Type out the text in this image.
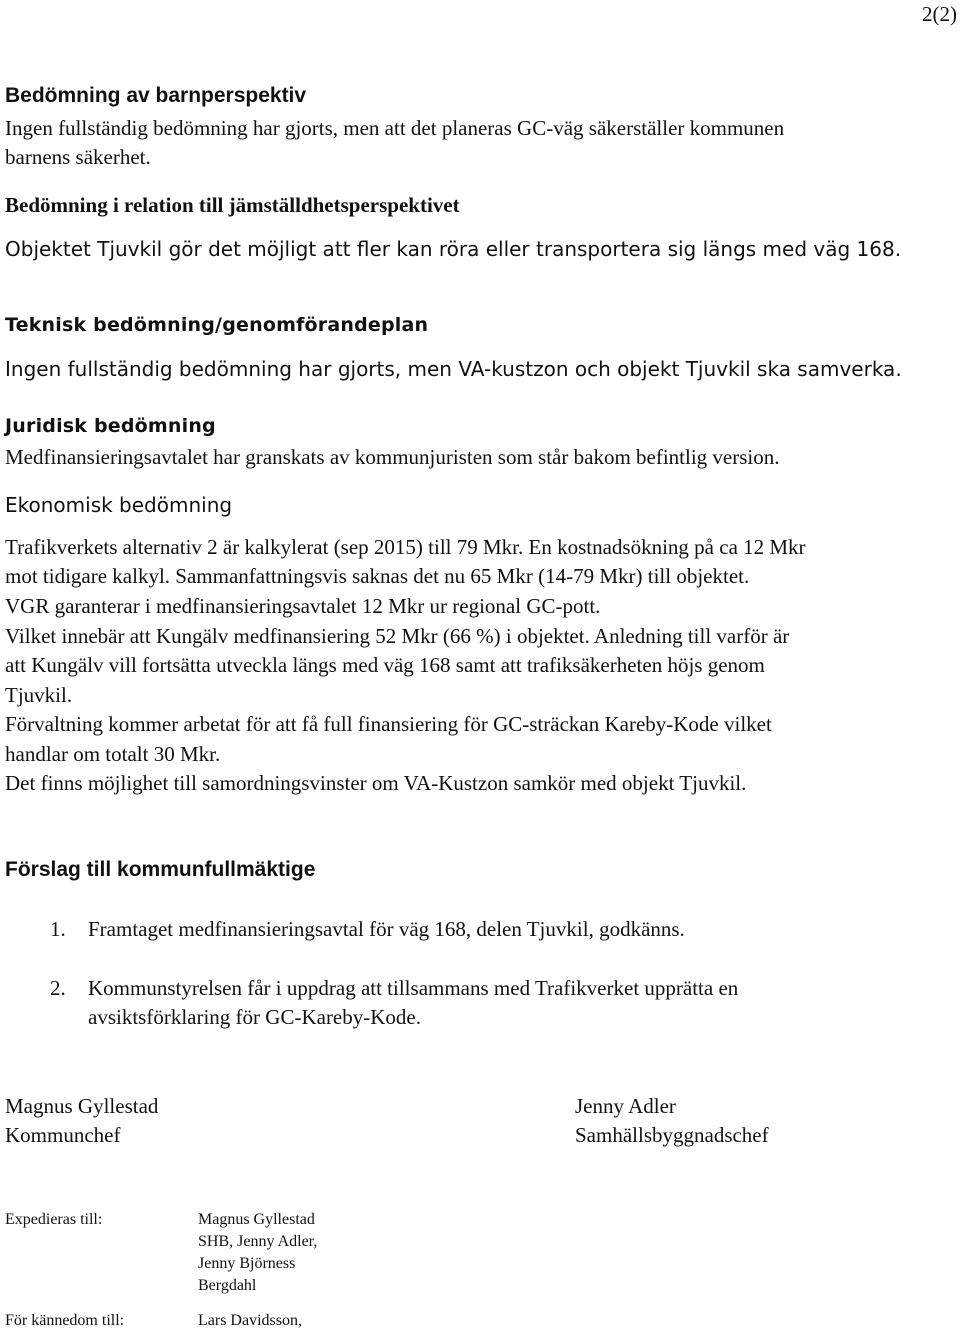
2(2)
Bedömning av barnperspektiv
Ingen fullständig bedömning har gjorts, men att det planeras GC-väg säkerställer kommunen
barnens säkerhet.
Bedömning i relation till jämställdhetsperspektivet
Objektet Tjuvkil gör det möjligt att fler kan röra eller transportera sig längs med väg 168.
Teknisk bedömning/genomförandeplan
Ingen fullständig bedömning har gjorts, men VA-kustzon och objekt Tjuvkil ska samverka.
Juridisk bedömning
Medfinansieringsavtalet har granskats av kommunjuristen som står bakom befintlig version.
Ekonomisk bedömning
Trafikverkets alternativ 2 är kalkylerat (sep 2015) till 79 Mkr. En kostnadsökning på ca 12 Mkr
mot tidigare kalkyl. Sammanfattningsvis saknas det nu 65 Mkr (14-79 Mkr) till objektet.
VGR garanterar i medfinansieringsavtalet 12 Mkr ur regional GC-pott.
Vilket innebär att Kungälv medfinansiering 52 Mkr (66 %) i objektet. Anledning till varför är
att Kungälv vill fortsätta utveckla längs med väg 168 samt att trafiksäkerheten höjs genom
Tjuvkil.
Förvaltning kommer arbetat för att få full finansiering för GC-sträckan Kareby-Kode vilket
handlar om totalt 30 Mkr.
Det finns möjlighet till samordningsvinster om VA-Kustzon samkör med objekt Tjuvkil.
Förslag till kommunfullmäktige
1. Framtaget medfinansieringsavtal för väg 168, delen Tjuvkil, godkänns.
2. Kommunstyrelsen får i uppdrag att tillsammans med Trafikverket upprätta en
avsiktsförklaring för GC-Kareby-Kode.
Magnus Gyllestad
Kommunchef
Jenny Adler
Samhällsbyggnadschef
Expedieras till:	Magnus Gyllestad
SHB, Jenny Adler,
Jenny Björness
Bergdahl
För kännedom till:	Lars Davidsson,
